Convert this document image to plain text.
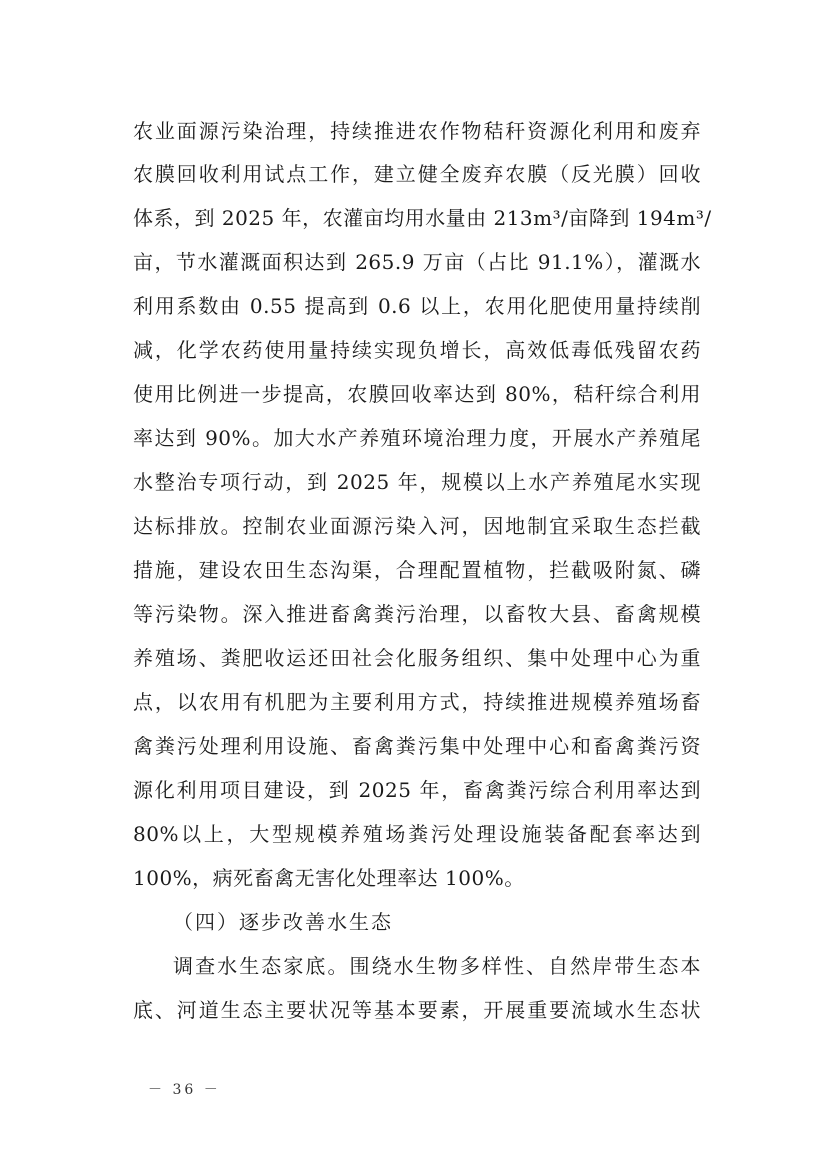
农业面源污染治理，持续推进农作物秸秆资源化利用和废弃
农膜回收利用试点工作，建立健全废弃农膜（反光膜）回收
体系，到 2025 年，农灌亩均用水量由 213m³/亩降到 194m³/
亩，节水灌溉面积达到 265.9 万亩（占比 91.1%），灌溉水
利用系数由 0.55 提高到 0.6 以上，农用化肥使用量持续削
减，化学农药使用量持续实现负增长，高效低毒低残留农药
使用比例进一步提高，农膜回收率达到 80%，秸秆综合利用
率达到 90%。加大水产养殖环境治理力度，开展水产养殖尾
水整治专项行动，到 2025 年，规模以上水产养殖尾水实现
达标排放。控制农业面源污染入河，因地制宜采取生态拦截
措施，建设农田生态沟渠，合理配置植物，拦截吸附氮、磷
等污染物。深入推进畜禽粪污治理，以畜牧大县、畜禽规模
养殖场、粪肥收运还田社会化服务组织、集中处理中心为重
点，以农用有机肥为主要利用方式，持续推进规模养殖场畜
禽粪污处理利用设施、畜禽粪污集中处理中心和畜禽粪污资
源化利用项目建设，到 2025 年，畜禽粪污综合利用率达到
80%以上，大型规模养殖场粪污处理设施装备配套率达到
100%，病死畜禽无害化处理率达 100%。
（四）逐步改善水生态
调查水生态家底。围绕水生物多样性、自然岸带生态本
底、河道生态主要状况等基本要素，开展重要流域水生态状
－ 36 －
